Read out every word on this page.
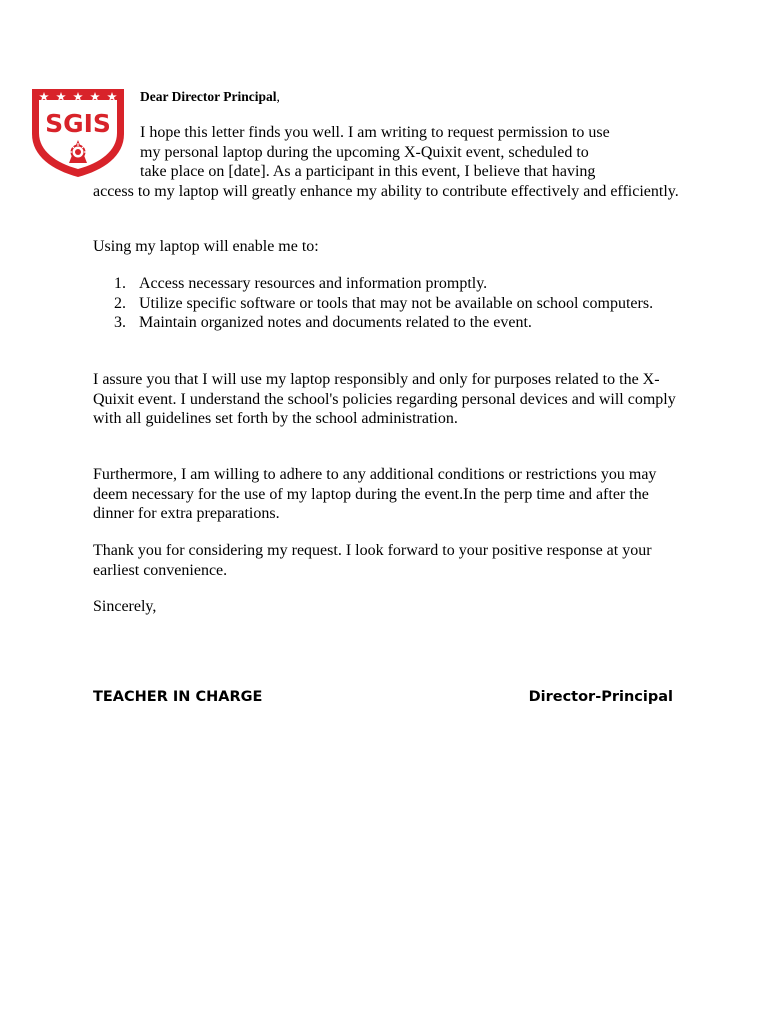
SGIS
Dear Director Principal,

I hope this letter finds you well. I am writing to request permission to use
my personal laptop during the upcoming X-Quixit event, scheduled to
take place on [date]. As a participant in this event, I believe that having
access to my laptop will greatly enhance my ability to contribute effectively and efficiently.

Using my laptop will enable me to:

1. Access necessary resources and information promptly.
2. Utilize specific software or tools that may not be available on school computers.
3. Maintain organized notes and documents related to the event.

I assure you that I will use my laptop responsibly and only for purposes related to the X-Quixit event. I understand the school's policies regarding personal devices and will comply with all guidelines set forth by the school administration.

Furthermore, I am willing to adhere to any additional conditions or restrictions you may deem necessary for the use of my laptop during the event.In the perp time and after the dinner for extra preparations.

Thank you for considering my request. I look forward to your positive response at your earliest convenience.

Sincerely,

TEACHER IN CHARGE	Director-Principal
